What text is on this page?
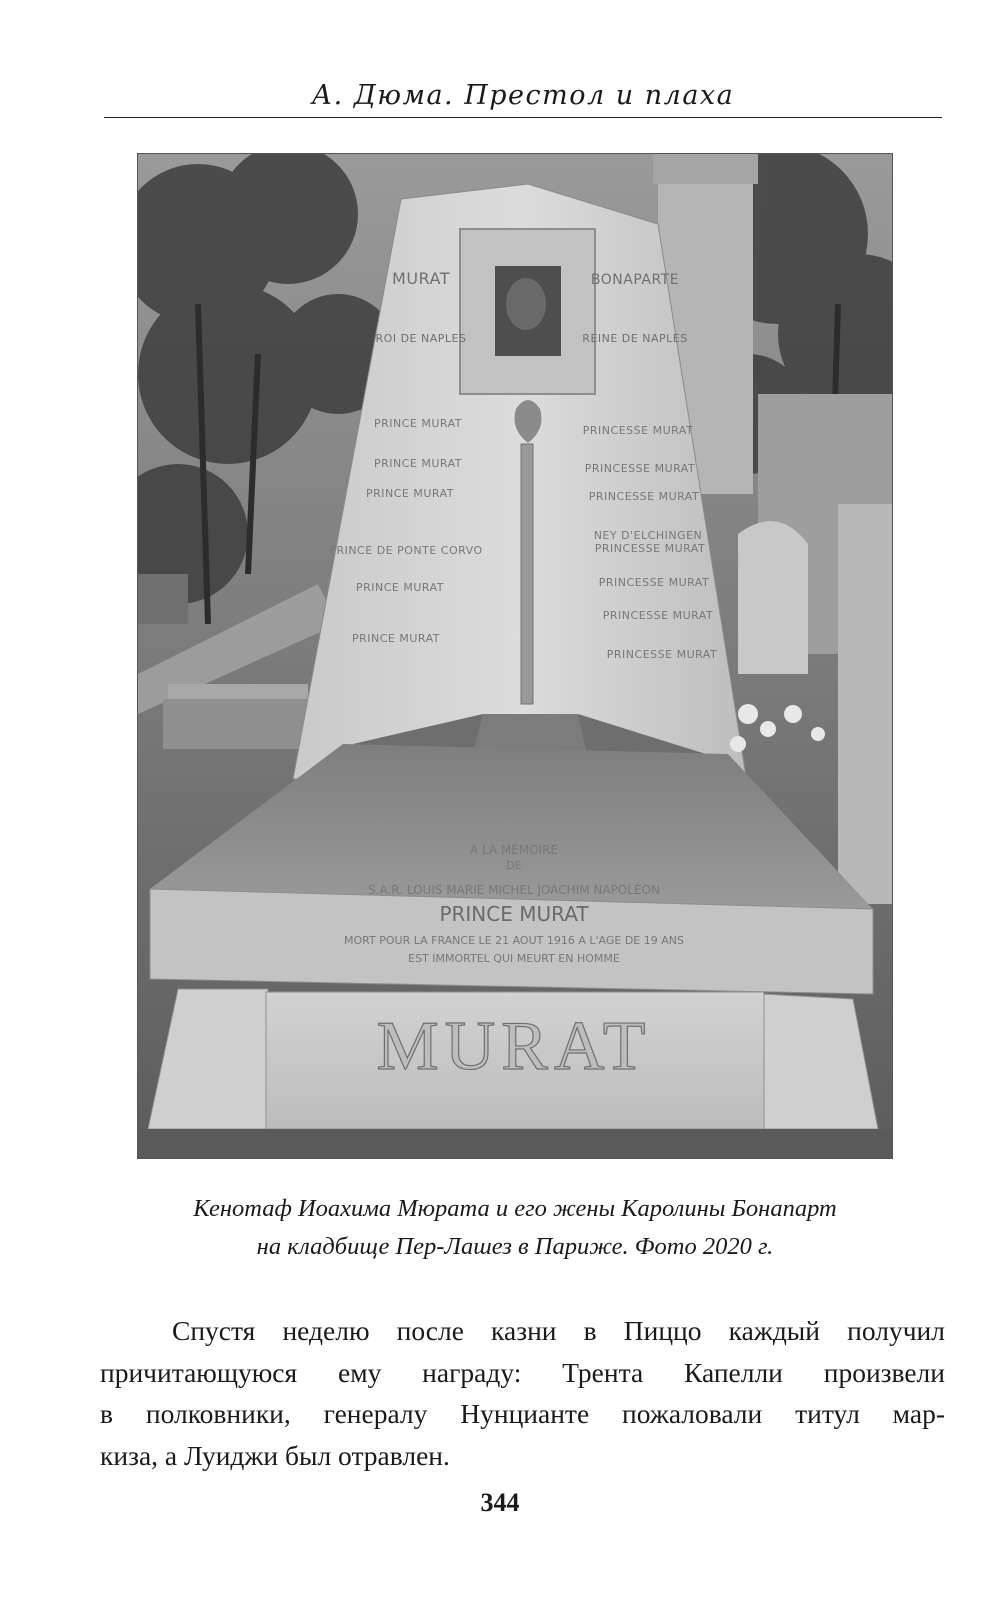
А. Дюма. Престол и плаха
MURAT
ROI DE NAPLES
BONAPARTE
REINE DE NAPLES
PRINCE MURAT
PRINCE MURAT
PRINCE MURAT
PRINCE DE PONTE CORVO
PRINCE MURAT
PRINCE MURAT
PRINCESSE MURAT
PRINCESSE MURAT
PRINCESSE MURAT
NEY D'ELCHINGEN
PRINCESSE MURAT
PRINCESSE MURAT
PRINCESSE MURAT
PRINCESSE MURAT
A LA MÉMOIRE
DE
S.A.R. LOUIS MARIE MICHEL JOACHIM NAPOLÉON
PRINCE MURAT
MORT POUR LA FRANCE LE 21 AOUT 1916 A L'AGE DE 19 ANS
EST IMMORTEL QUI MEURT EN HOMME
MURAT

Кенотаф Иоахима Мюрата и его жены Каролины Бонапарт

на кладбище Пер-Лашез в Париже. Фото 2020 г.

Спустя неделю после казни в Пиццо каждый получил
причитающуюся ему награду: Трента Капелли произвели
в полковники, генералу Нунцианте пожаловали титул мар-
киза, а Луиджи был отравлен.
344
